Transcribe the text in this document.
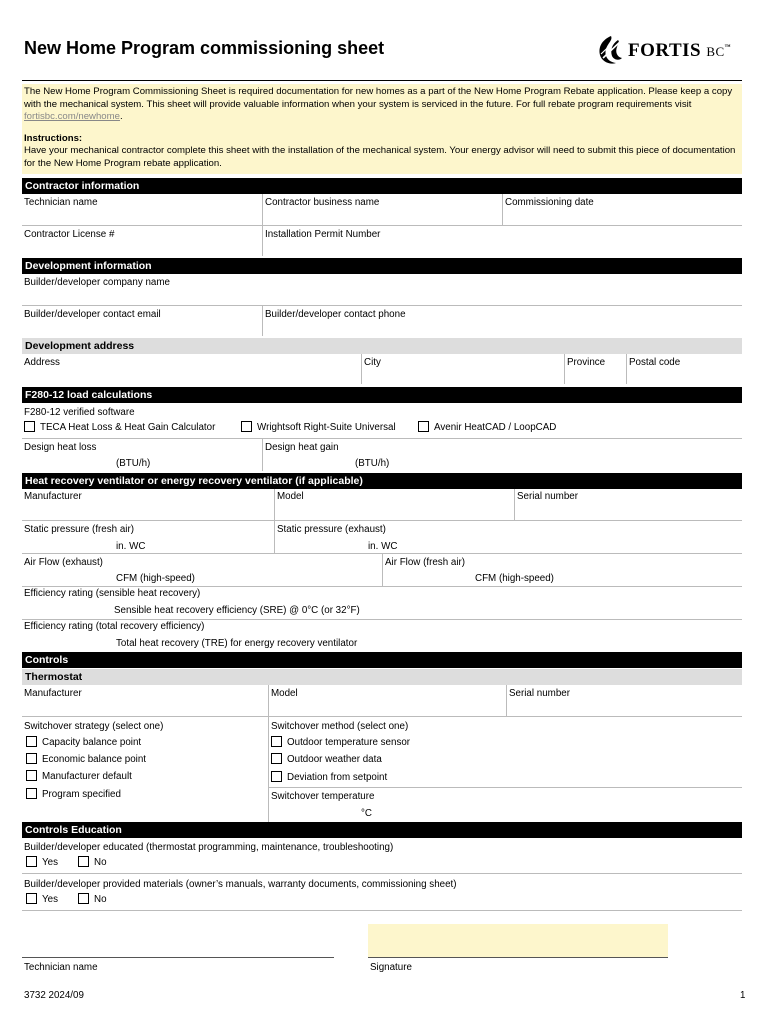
New Home Program commissioning sheet	FORTIS BC™
The New Home Program Commissioning Sheet is required documentation for new homes as a part of the New Home Program Rebate application. Please keep a copy with the mechanical system. This sheet will provide valuable information when your system is serviced in the future. For full rebate program requirements visit fortisbc.com/newhome.
Instructions:
Have your mechanical contractor complete this sheet with the installation of the mechanical system. Your energy advisor will need to submit this piece of documentation for the New Home Program rebate application.
Contractor information
Technician name	Contractor business name	Commissioning date
Contractor License #	Installation Permit Number
Development information
Builder/developer company name
Builder/developer contact email	Builder/developer contact phone
Development address
Address	City	Province Postal code
F280-12 load calculations
F280-12 verified software
TECA Heat Loss & Heat Gain Calculator	Wrightsoft Right-Suite Universal	Avenir HeatCAD / LoopCAD
Design heat loss	Design heat gain
(BTU/h)	(BTU/h)
Heat recovery ventilator or energy recovery ventilator (if applicable)
Manufacturer	Model	Serial number
Static pressure (fresh air)	Static pressure (exhaust)
in. WC	in. WC
Air Flow (exhaust)	Air Flow (fresh air)
CFM (high-speed)	CFM (high-speed)
Efficiency rating (sensible heat recovery)
Sensible heat recovery efficiency (SRE) @ 0°C (or 32°F)
Efficiency rating (total recovery efficiency)
Total heat recovery (TRE) for energy recovery ventilator
Controls
Thermostat
Manufacturer	Model	Serial number
Switchover strategy (select one)	Switchover method (select one)
Capacity balance point
Economic balance point
Manufacturer default
Program specified
Outdoor temperature sensor
Outdoor weather data
Deviation from setpoint
Switchover temperature
°C
Controls Education
Builder/developer educated (thermostat programming, maintenance, troubleshooting)
Yes	No
Builder/developer provided materials (owner’s manuals, warranty documents, commissioning sheet)
Yes	No
Technician name	Signature
3732 2024/09	1
